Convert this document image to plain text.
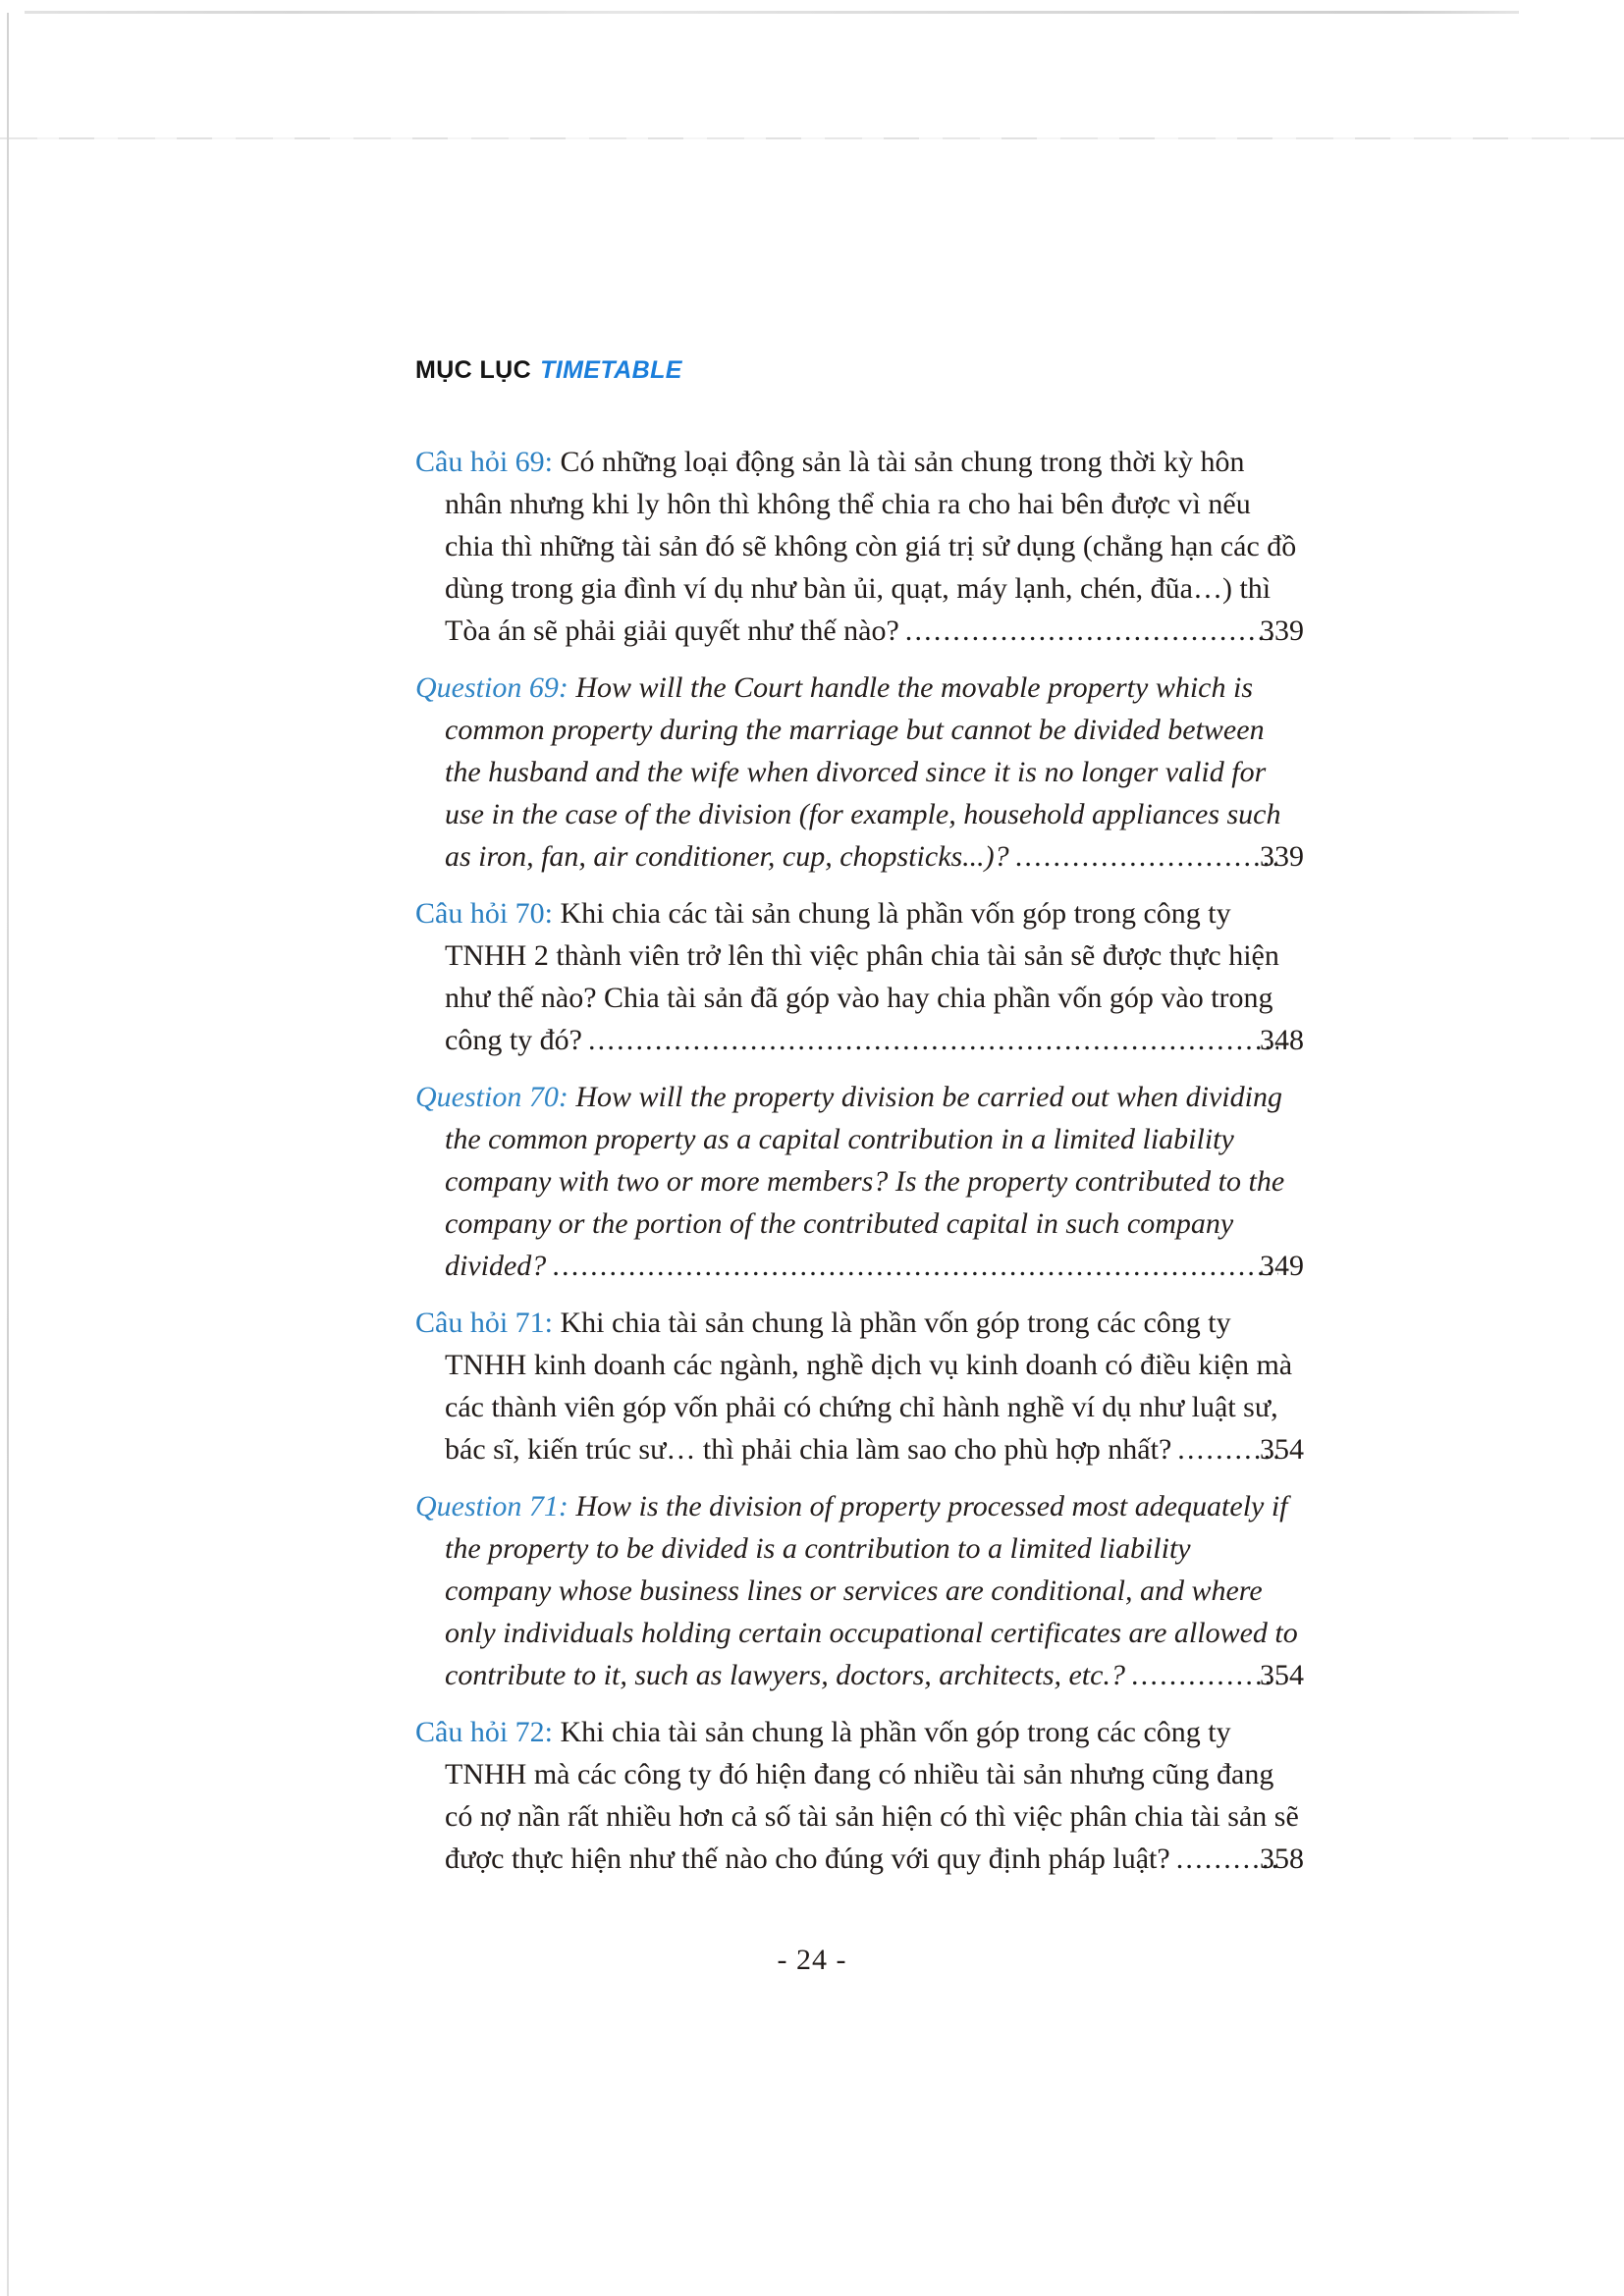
MỤC LỤC TIMETABLE
Câu hỏi 69: Có những loại động sản là tài sản chung trong thời kỳ hôn nhân nhưng khi ly hôn thì không thể chia ra cho hai bên được vì nếu chia thì những tài sản đó sẽ không còn giá trị sử dụng (chẳng hạn các đồ dùng trong gia đình ví dụ như bàn ủi, quạt, máy lạnh, chén, đũa…) thì Tòa án sẽ phải giải quyết như thế nào? .....	339
Question 69: How will the Court handle the movable property which is common property during the marriage but cannot be divided between the husband and the wife when divorced since it is no longer valid for use in the case of the division (for example, household appliances such as iron, fan, air conditioner, cup, chopsticks...)? .....	339
Câu hỏi 70: Khi chia các tài sản chung là phần vốn góp trong công ty TNHH 2 thành viên trở lên thì việc phân chia tài sản sẽ được thực hiện như thế nào? Chia tài sản đã góp vào hay chia phần vốn góp vào trong công ty đó? .....	348
Question 70: How will the property division be carried out when dividing the common property as a capital contribution in a limited liability company with two or more members? Is the property contributed to the company or the portion of the contributed capital in such company divided? .....	349
Câu hỏi 71: Khi chia tài sản chung là phần vốn góp trong các công ty TNHH kinh doanh các ngành, nghề dịch vụ kinh doanh có điều kiện mà các thành viên góp vốn phải có chứng chỉ hành nghề ví dụ như luật sư, bác sĩ, kiến trúc sư… thì phải chia làm sao cho phù hợp nhất? .....	354
Question 71: How is the division of property processed most adequately if the property to be divided is a contribution to a limited liability company whose business lines or services are conditional, and where only individuals holding certain occupational certificates are allowed to contribute to it, such as lawyers, doctors, architects, etc.? .....	354
Câu hỏi 72: Khi chia tài sản chung là phần vốn góp trong các công ty TNHH mà các công ty đó hiện đang có nhiều tài sản nhưng cũng đang có nợ nần rất nhiều hơn cả số tài sản hiện có thì việc phân chia tài sản sẽ được thực hiện như thế nào cho đúng với quy định pháp luật? .....	358
- 24 -
